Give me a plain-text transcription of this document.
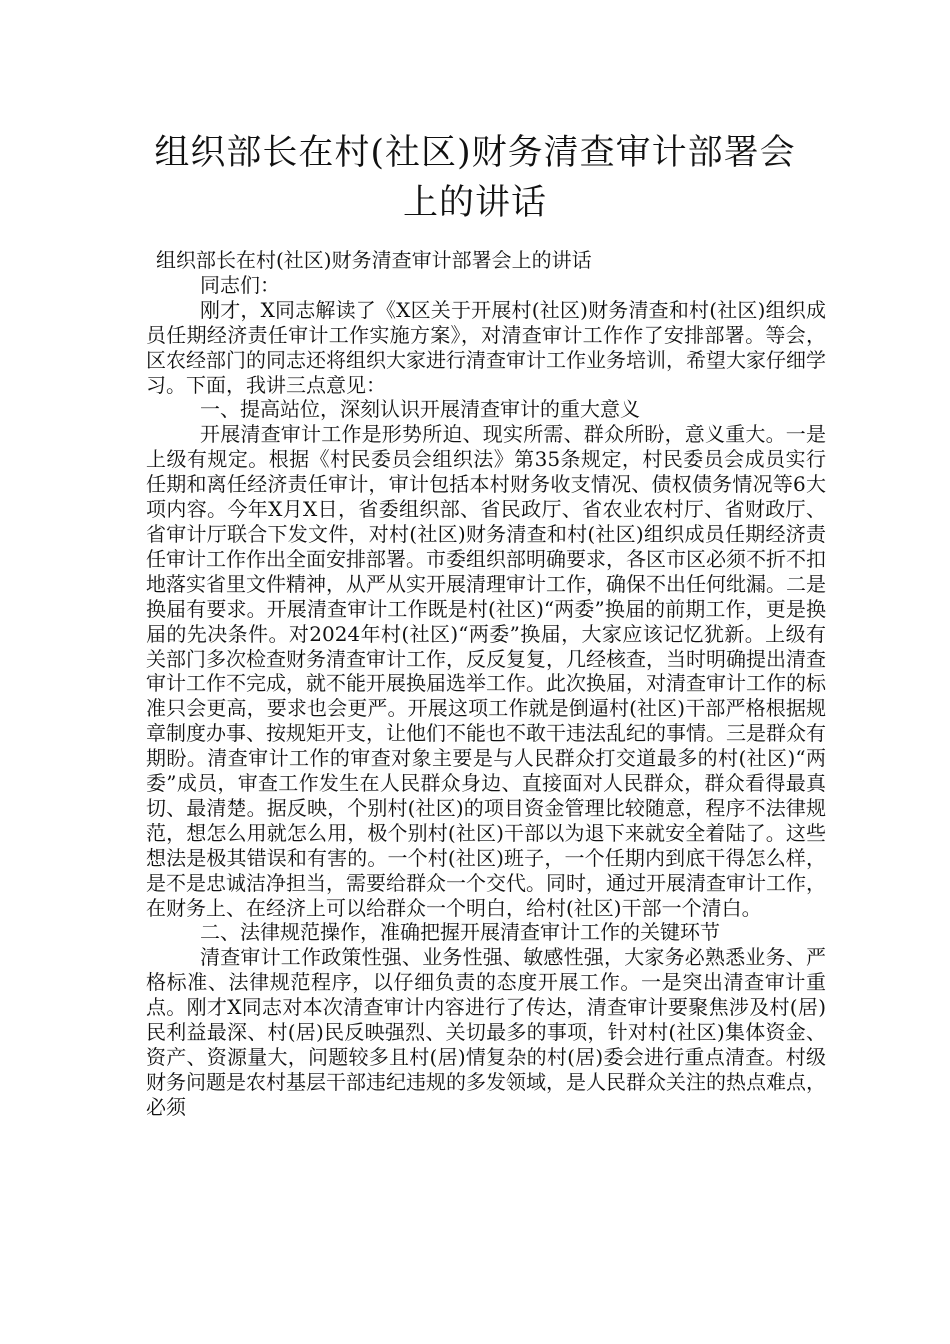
组织部长在村(社区)财务清查审计部署会
上的讲话

组织部长在村(社区)财务清查审计部署会上的讲话

同志们：

刚才，X同志解读了《X区关于开展村(社区)财务清查和村(社区)组织成员任期经济责任审计工作实施方案》，对清查审计工作作了安排部署。等会，区农经部门的同志还将组织大家进行清查审计工作业务培训，希望大家仔细学习。下面，我讲三点意见：

一、提高站位，深刻认识开展清查审计的重大意义

开展清查审计工作是形势所迫、现实所需、群众所盼，意义重大。一是上级有规定。根据《村民委员会组织法》第35条规定，村民委员会成员实行任期和离任经济责任审计，审计包括本村财务收支情况、债权债务情况等6大项内容。今年X月X日，省委组织部、省民政厅、省农业农村厅、省财政厅、省审计厅联合下发文件，对村(社区)财务清查和村(社区)组织成员任期经济责任审计工作作出全面安排部署。市委组织部明确要求，各区市区必须不折不扣地落实省里文件精神，从严从实开展清理审计工作，确保不出任何纰漏。二是换届有要求。开展清查审计工作既是村(社区)“两委”换届的前期工作，更是换届的先决条件。对2024年村(社区)“两委”换届，大家应该记忆犹新。上级有关部门多次检查财务清查审计工作，反反复复，几经核查，当时明确提出清查审计工作不完成，就不能开展换届选举工作。此次换届，对清查审计工作的标准只会更高，要求也会更严。开展这项工作就是倒逼村(社区)干部严格根据规章制度办事、按规矩开支，让他们不能也不敢干违法乱纪的事情。三是群众有期盼。清查审计工作的审查对象主要是与人民群众打交道最多的村(社区)“两委”成员，审查工作发生在人民群众身边、直接面对人民群众，群众看得最真切、最清楚。据反映，个别村(社区)的项目资金管理比较随意，程序不法律规范，想怎么用就怎么用，极个别村(社区)干部以为退下来就安全着陆了。这些想法是极其错误和有害的。一个村(社区)班子，一个任期内到底干得怎么样，是不是忠诚洁净担当，需要给群众一个交代。同时，通过开展清查审计工作，在财务上、在经济上可以给群众一个明白，给村(社区)干部一个清白。

二、法律规范操作，准确把握开展清查审计工作的关键环节

清查审计工作政策性强、业务性强、敏感性强，大家务必熟悉业务、严格标准、法律规范程序，以仔细负责的态度开展工作。一是突出清查审计重点。刚才X同志对本次清查审计内容进行了传达，清查审计要聚焦涉及村(居)民利益最深、村(居)民反映强烈、关切最多的事项，针对村(社区)集体资金、资产、资源量大，问题较多且村(居)情复杂的村(居)委会进行重点清查。村级财务问题是农村基层干部违纪违规的多发领域，是人民群众关注的热点难点，必须
